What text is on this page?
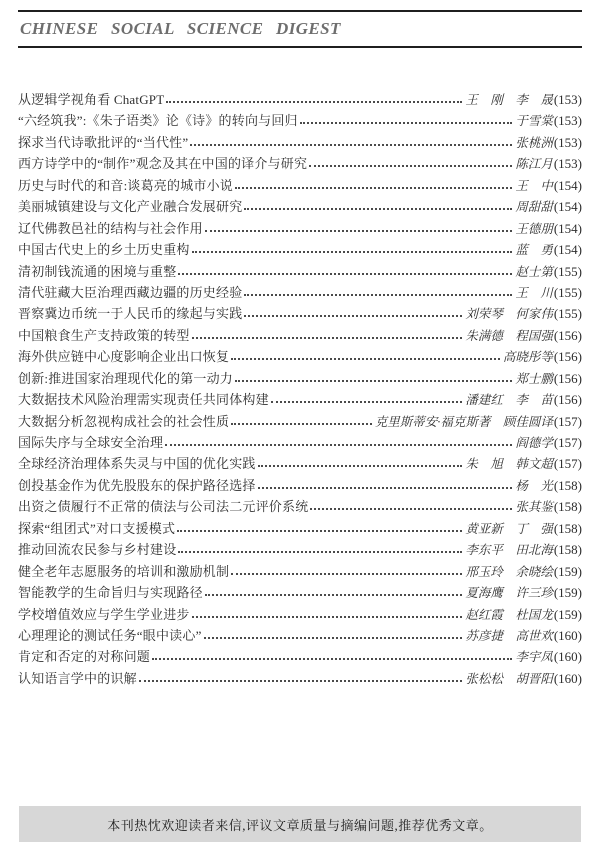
CHINESE SOCIAL SCIENCE DIGEST
从逻辑学视角看 ChatGPT	王　刚　李　晟 (153)
“六经筑我”:《朱子语类》论《诗》的转向与回归	于雪棠 (153)
探求当代诗歌批评的“当代性”	张桃洲 (153)
西方诗学中的“制作”观念及其在中国的译介与研究	陈江月 (153)
历史与时代的和音:谈葛亮的城市小说	王　中 (154)
美丽城镇建设与文化产业融合发展研究	周甜甜 (154)
辽代佛教邑社的结构与社会作用	王德朋 (154)
中国古代史上的乡土历史重构	蓝　勇 (154)
清初制钱流通的困境与重整	赵士第 (155)
清代驻藏大臣治理西藏边疆的历史经验	王　川 (155)
晋察冀边币统一于人民币的缘起与实践	刘荣琴　何家伟 (155)
中国粮食生产支持政策的转型	朱满德　程国强 (156)
海外供应链中心度影响企业出口恢复	高晓彤等 (156)
创新:推进国家治理现代化的第一动力	郑士鹏 (156)
大数据技术风险治理需实现责任共同体构建	潘建红　李　苗 (156)
大数据分析忽视构成社会的社会性质	克里斯蒂安·福克斯著　顾佳圆译 (157)
国际失序与全球安全治理	阎德学 (157)
全球经济治理体系失灵与中国的优化实践	朱　旭　韩文超 (157)
创投基金作为优先股股东的保护路径选择	杨　光 (158)
出资之债履行不正常的债法与公司法二元评价系统	张其鉴 (158)
探索“组团式”对口支援模式	黄亚新　丁　强 (158)
推动回流农民参与乡村建设	李东平　田北海 (158)
健全老年志愿服务的培训和激励机制	邢玉玲　余晓绘 (159)
智能教学的生命旨归与实现路径	夏海鹰　许三珍 (159)
学校增值效应与学生学业进步	赵红霞　杜国龙 (159)
心理理论的测试任务“眼中读心”	苏彦捷　高世欢 (160)
肯定和否定的对称问题	李宇凤 (160)
认知语言学中的识解	张松松　胡晋阳 (160)
本刊热忱欢迎读者来信,评议文章质量与摘编问题,推荐优秀文章。
